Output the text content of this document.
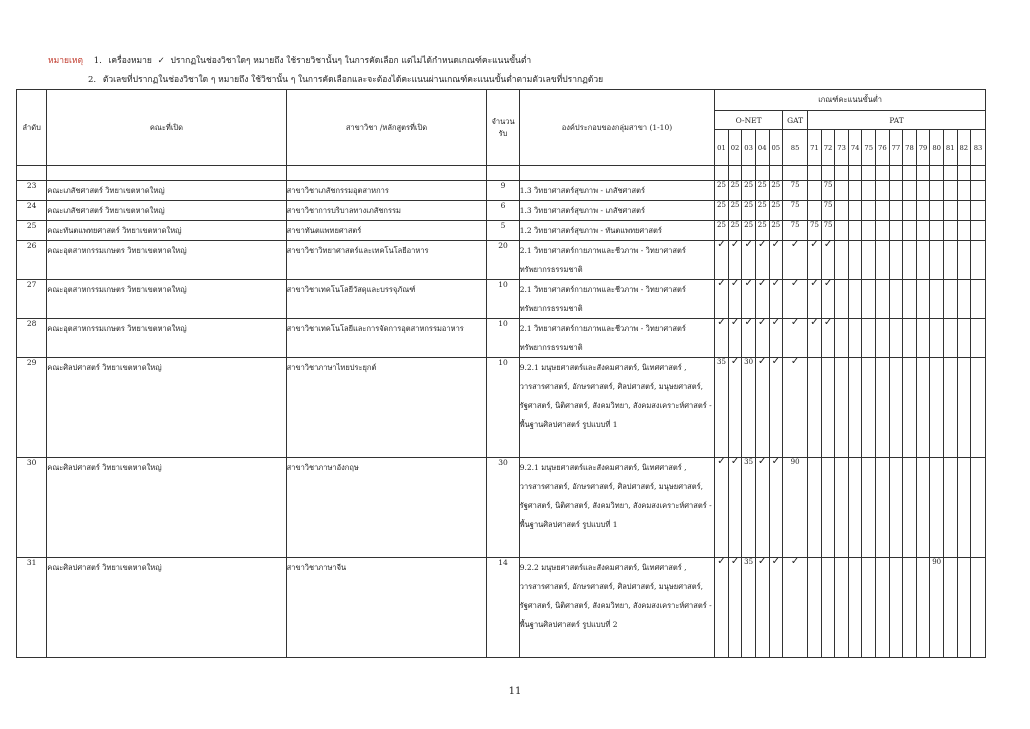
หมายเหตุ 1. เครื่องหมาย ✓ ปรากฏในช่องวิชาใดๆ หมายถึง ใช้รายวิชานั้นๆ ในการคัดเลือก แต่ไม่ได้กำหนดเกณฑ์คะแนนขั้นต่ำ
2. ตัวเลขที่ปรากฏในช่องวิชาใด ๆ หมายถึง ใช้วิชานั้น ๆ ในการคัดเลือกและจะต้องได้คะแนนผ่านเกณฑ์คะแนนขั้นต่ำตามตัวเลขที่ปรากฏด้วย
ลำดับ	คณะที่เปิด	สาขาวิชา /หลักสูตรที่เปิด	จำนวนรับ	องค์ประกอบของกลุ่มสาขา (1-10)	เกณฑ์คะแนนขั้นต่ำ																		
					O-NET					GAT	PAT												
					01	02	03	04	05	85	71	72	73	74	75	76	77	78	79	80	81	82	83

23	คณะเภสัชศาสตร์ วิทยาเขตหาดใหญ่	สาขาวิชาเภสัชกรรมอุตสาหการ	9	1.3 วิทยาศาสตร์สุขภาพ - เภสัชศาสตร์	25	25	25	25	25	75		75											
24	คณะเภสัชศาสตร์ วิทยาเขตหาดใหญ่	สาขาวิชาการบริบาลทางเภสัชกรรม	6	1.3 วิทยาศาสตร์สุขภาพ - เภสัชศาสตร์	25	25	25	25	25	75		75											
25	คณะทันตแพทยศาสตร์ วิทยาเขตหาดใหญ่	สาขาทันตแพทยศาสตร์	5	1.2 วิทยาศาสตร์สุขภาพ - ทันตแพทยศาสตร์	25	25	25	25	25	75	75	75											
26	คณะอุตสาหกรรมเกษตร วิทยาเขตหาดใหญ่	สาขาวิชาวิทยาศาสตร์และเทคโนโลยีอาหาร	20	2.1 วิทยาศาสตร์กายภาพและชีวภาพ - วิทยาศาสตร์ ทรัพยากรธรรมชาติ	✓	✓	✓	✓	✓	✓	✓	✓											
27	คณะอุตสาหกรรมเกษตร วิทยาเขตหาดใหญ่	สาขาวิชาเทคโนโลยีวัสดุและบรรจุภัณฑ์	10	2.1 วิทยาศาสตร์กายภาพและชีวภาพ - วิทยาศาสตร์ ทรัพยากรธรรมชาติ	✓	✓	✓	✓	✓	✓	✓	✓											
28	คณะอุตสาหกรรมเกษตร วิทยาเขตหาดใหญ่	สาขาวิชาเทคโนโลยีและการจัดการอุตสาหกรรมอาหาร	10	2.1 วิทยาศาสตร์กายภาพและชีวภาพ - วิทยาศาสตร์ ทรัพยากรธรรมชาติ	✓	✓	✓	✓	✓	✓	✓	✓											
29	คณะศิลปศาสตร์ วิทยาเขตหาดใหญ่	สาขาวิชาภาษาไทยประยุกต์	10	9.2.1 มนุษยศาสตร์และสังคมศาสตร์, นิเทศศาสตร์ , วารสารศาสตร์, อักษรศาสตร์, ศิลปศาสตร์, มนุษยศาสตร์, รัฐศาสตร์, นิติศาสตร์, สังคมวิทยา, สังคมสงเคราะห์ศาสตร์ - พื้นฐานศิลปศาสตร์ รูปแบบที่ 1	35	✓	30	✓	✓	✓													
30	คณะศิลปศาสตร์ วิทยาเขตหาดใหญ่	สาขาวิชาภาษาอังกฤษ	30	9.2.1 มนุษยศาสตร์และสังคมศาสตร์, นิเทศศาสตร์ , วารสารศาสตร์, อักษรศาสตร์, ศิลปศาสตร์, มนุษยศาสตร์, รัฐศาสตร์, นิติศาสตร์, สังคมวิทยา, สังคมสงเคราะห์ศาสตร์ - พื้นฐานศิลปศาสตร์ รูปแบบที่ 1	✓	✓	35	✓	✓	90													
31	คณะศิลปศาสตร์ วิทยาเขตหาดใหญ่	สาขาวิชาภาษาจีน	14	9.2.2 มนุษยศาสตร์และสังคมศาสตร์, นิเทศศาสตร์ , วารสารศาสตร์, อักษรศาสตร์, ศิลปศาสตร์, มนุษยศาสตร์, รัฐศาสตร์, นิติศาสตร์, สังคมวิทยา, สังคมสงเคราะห์ศาสตร์ - พื้นฐานศิลปศาสตร์ รูปแบบที่ 2	✓	✓	35	✓	✓	✓										90			
11
